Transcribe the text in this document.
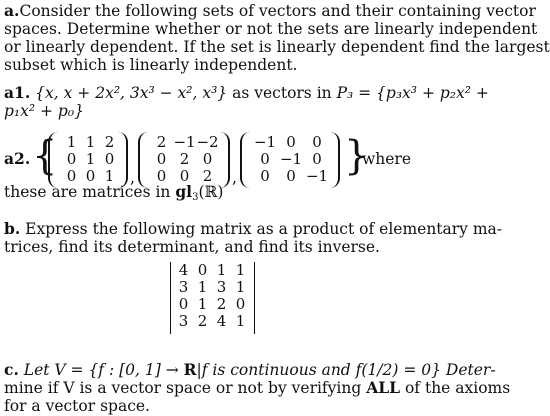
a.Consider the following sets of vectors and their containing vector
spaces. Determine whether or not the sets are linearly independent
or linearly dependent. If the set is linearly dependent find the largest
subset which is linearly independent.
a1. {x, x + 2x², 3x³ − x², x³} as vectors in P₃ = {p₃x³ + p₂x² +
p₁x² + p₀}
a2. { 1 1 2
0 1 0
0 0 1 ,
2 −1 −2
0 2 0
0 0 2	,
−1 0	0
0 −1 0
0	0 −1 }
where
these are matrices in $gl_3(ℝ)$
b. Express the following matrix as a product of elementary ma-
trices, find its determinant, and find its inverse.
4 0 1 1
3 1 3 1
0 1 2 0
3 2 4 1
c. Let V = {f : [0, 1] → R|f is continuous and f(1/2) = 0} Deter-
mine if V is a vector space or not by verifying ALL of the axioms
for a vector space.
